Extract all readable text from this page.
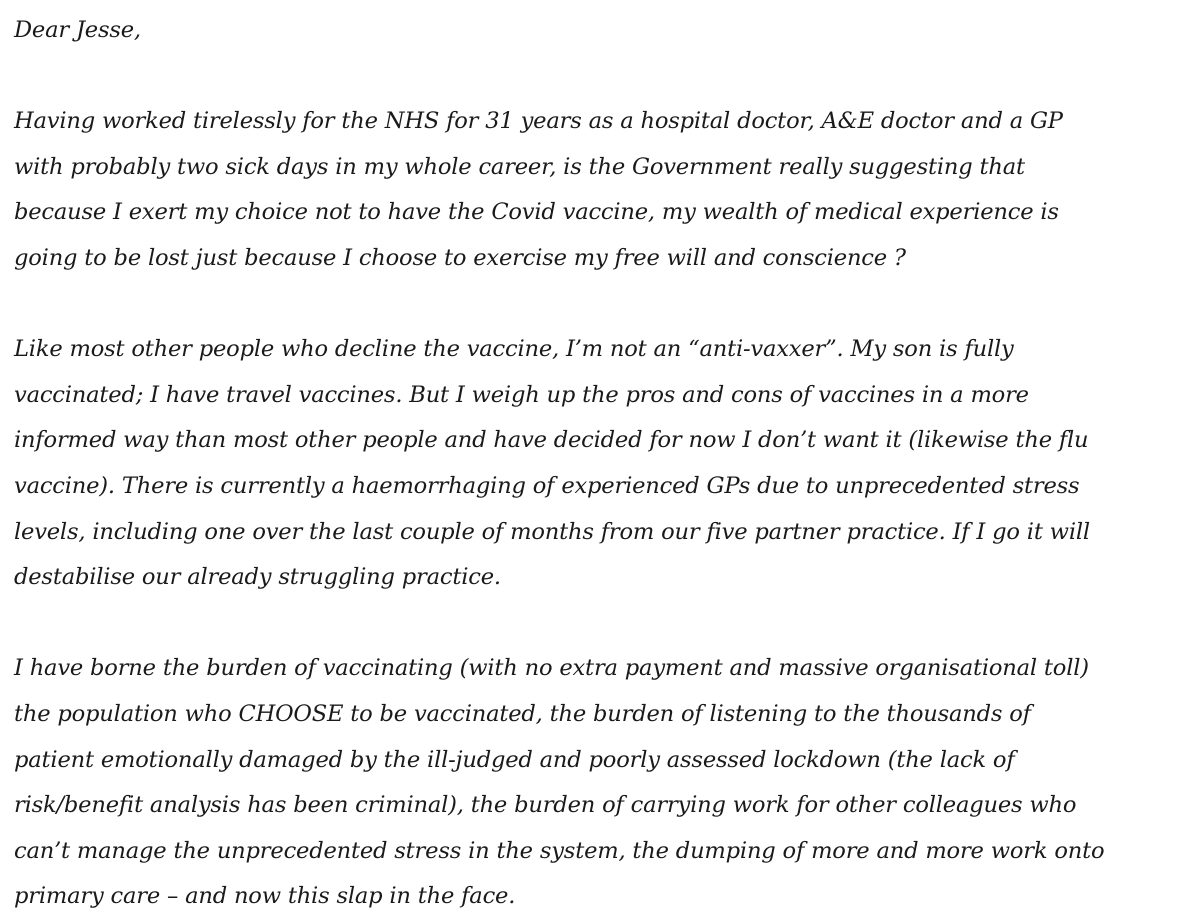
Dear Jesse,

Having worked tirelessly for the NHS for 31 years as a hospital doctor, A&E doctor and a GP
with probably two sick days in my whole career, is the Government really suggesting that
because I exert my choice not to have the Covid vaccine, my wealth of medical experience is
going to be lost just because I choose to exercise my free will and conscience ?

Like most other people who decline the vaccine, I’m not an “anti-vaxxer”. My son is fully
vaccinated; I have travel vaccines. But I weigh up the pros and cons of vaccines in a more
informed way than most other people and have decided for now I don’t want it (likewise the flu
vaccine). There is currently a haemorrhaging of experienced GPs due to unprecedented stress
levels, including one over the last couple of months from our five partner practice. If I go it will
destabilise our already struggling practice.

I have borne the burden of vaccinating (with no extra payment and massive organisational toll)
the population who CHOOSE to be vaccinated, the burden of listening to the thousands of
patient emotionally damaged by the ill-judged and poorly assessed lockdown (the lack of
risk/benefit analysis has been criminal), the burden of carrying work for other colleagues who
can’t manage the unprecedented stress in the system, the dumping of more and more work onto
primary care – and now this slap in the face.
